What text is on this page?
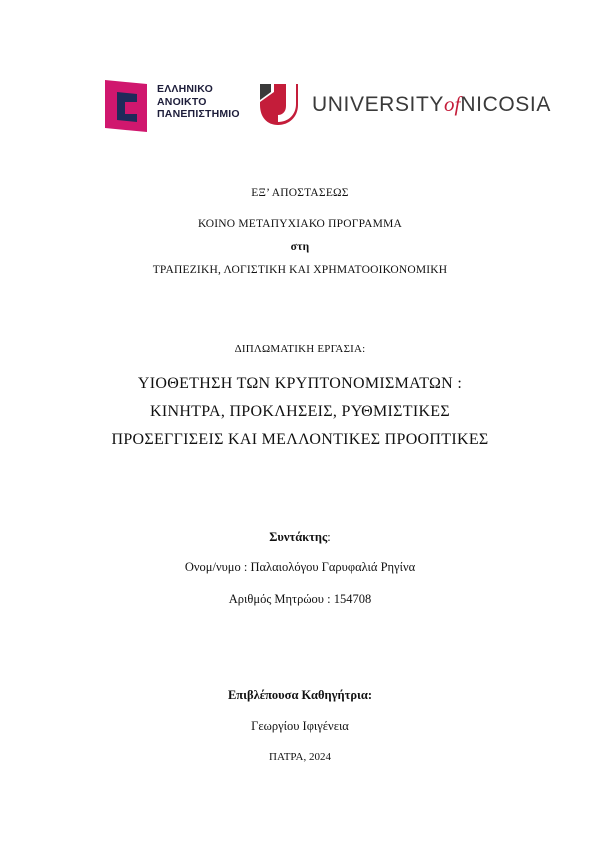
ΕΛΛΗΝΙΚΟ
ΑΝΟΙΚΤΟ
ΠΑΝΕΠΙΣΤΗΜΙΟ	UNIVERSITYofNICOSIA
ΕΞ’ ΑΠΟΣΤΑΣΕΩΣ
ΚΟΙΝΟ ΜΕΤΑΠΥΧΙΑΚΟ ΠΡΟΓΡΑΜΜΑ
στη
ΤΡΑΠΕΖΙΚΗ, ΛΟΓΙΣΤΙΚΗ ΚΑΙ ΧΡΗΜΑΤΟΟΙΚΟΝΟΜΙΚΗ
ΔΙΠΛΩΜΑΤΙΚΗ ΕΡΓΑΣΙΑ:
ΥΙΟΘΕΤΗΣΗ ΤΩΝ ΚΡΥΠΤΟΝΟΜΙΣΜΑΤΩΝ :
ΚΙΝΗΤΡΑ, ΠΡΟΚΛΗΣΕΙΣ, ΡΥΘΜΙΣΤΙΚΕΣ
ΠΡΟΣΕΓΓΙΣΕΙΣ ΚΑΙ ΜΕΛΛΟΝΤΙΚΕΣ ΠΡΟΟΠΤΙΚΕΣ
Συντάκτης:
Ονομ/νυμο : Παλαιολόγου Γαρυφαλιά Ρηγίνα
Αριθμός Μητρώου : 154708
Επιβλέπουσα Καθηγήτρια:
Γεωργίου Ιφιγένεια
ΠΑΤΡΑ, 2024
